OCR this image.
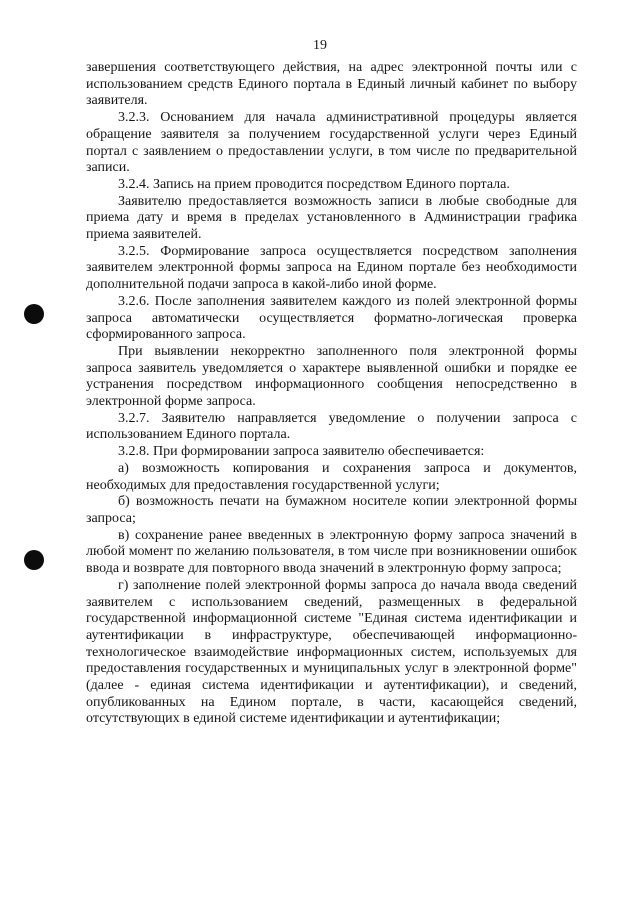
19

завершения соответствующего действия, на адрес электронной почты или с использованием средств Единого портала в Единый личный кабинет по выбору заявителя.

3.2.3. Основанием для начала административной процедуры является обращение заявителя за получением государственной услуги через Единый портал с заявлением о предоставлении услуги, в том числе по предварительной записи.

3.2.4. Запись на прием проводится посредством Единого портала.

Заявителю предоставляется возможность записи в любые свободные для приема дату и время в пределах установленного в Администрации графика приема заявителей.

3.2.5. Формирование запроса осуществляется посредством заполнения заявителем электронной формы запроса на Едином портале без необходимости дополнительной подачи запроса в какой-либо иной форме.

3.2.6. После заполнения заявителем каждого из полей электронной формы запроса автоматически осуществляется форматно-логическая проверка сформированного запроса.

При выявлении некорректно заполненного поля электронной формы запроса заявитель уведомляется о характере выявленной ошибки и порядке ее устранения посредством информационного сообщения непосредственно в электронной форме запроса.

3.2.7. Заявителю направляется уведомление о получении запроса с использованием Единого портала.

3.2.8. При формировании запроса заявителю обеспечивается:

а) возможность копирования и сохранения запроса и документов, необходимых для предоставления государственной услуги;

б) возможность печати на бумажном носителе копии электронной формы запроса;

в) сохранение ранее введенных в электронную форму запроса значений в любой момент по желанию пользователя, в том числе при возникновении ошибок ввода и возврате для повторного ввода значений в электронную форму запроса;

г) заполнение полей электронной формы запроса до начала ввода сведений заявителем с использованием сведений, размещенных в федеральной государственной информационной системе "Единая система идентификации и аутентификации в инфраструктуре, обеспечивающей информационно-технологическое взаимодействие информационных систем, используемых для предоставления государственных и муниципальных услуг в электронной форме" (далее - единая система идентификации и аутентификации), и сведений, опубликованных на Едином портале, в части, касающейся сведений, отсутствующих в единой системе идентификации и аутентификации;
